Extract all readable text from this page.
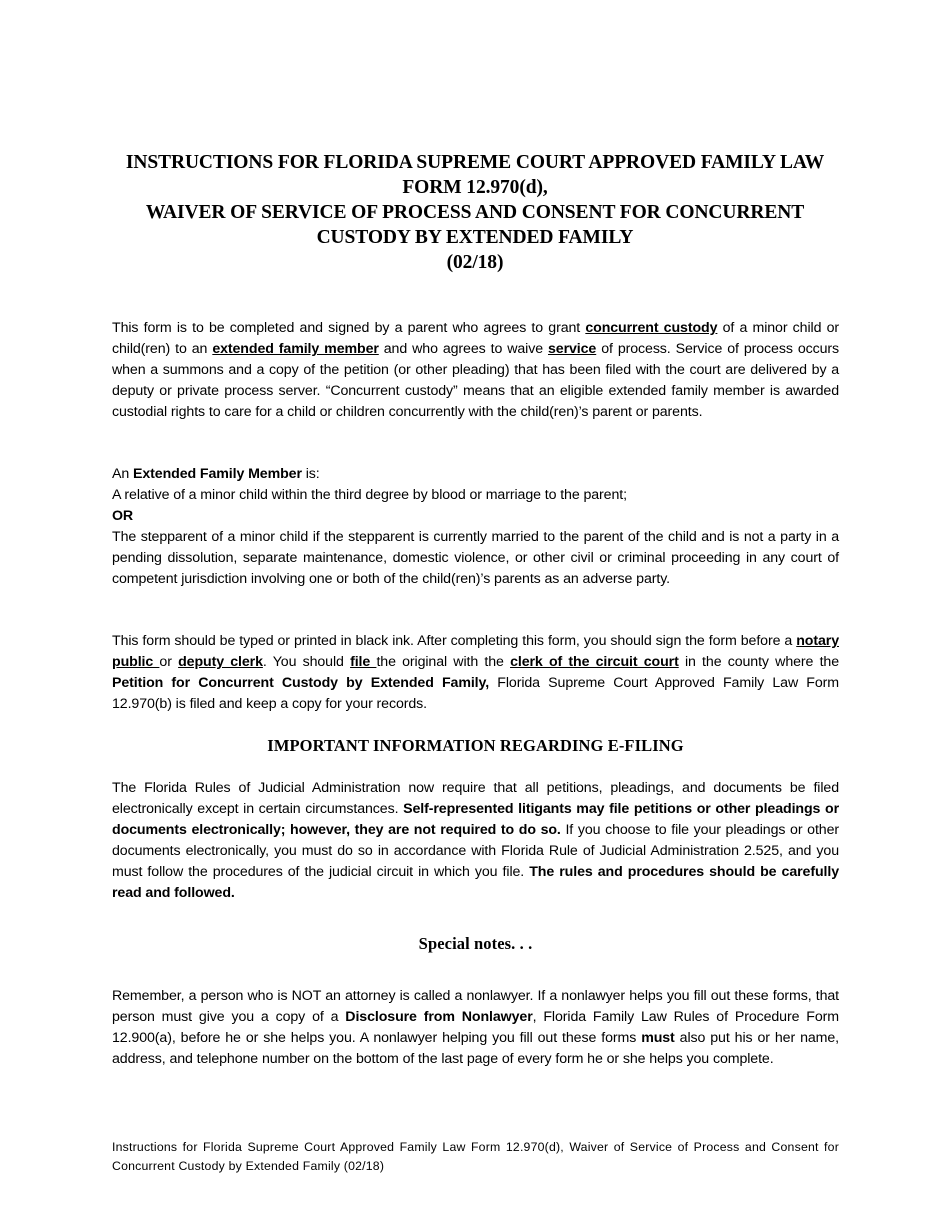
INSTRUCTIONS FOR FLORIDA SUPREME COURT APPROVED FAMILY LAW
FORM 12.970(d),
WAIVER OF SERVICE OF PROCESS AND CONSENT FOR CONCURRENT
CUSTODY BY EXTENDED FAMILY
(02/18)

This form is to be completed and signed by a parent who agrees to grant concurrent custody of a minor child or child(ren) to an extended family member and who agrees to waive service of process. Service of process occurs when a summons and a copy of the petition (or other pleading) that has been filed with the court are delivered by a deputy or private process server. “Concurrent custody” means that an eligible extended family member is awarded custodial rights to care for a child or children concurrently with the child(ren)’s parent or parents.

An Extended Family Member is:

A relative of a minor child within the third degree by blood or marriage to the parent;

OR

The stepparent of a minor child if the stepparent is currently married to the parent of the child and is not a party in a pending dissolution, separate maintenance, domestic violence, or other civil or criminal proceeding in any court of competent jurisdiction involving one or both of the child(ren)’s parents as an adverse party.

This form should be typed or printed in black ink. After completing this form, you should sign the form before a notary public or deputy clerk. You should file the original with the clerk of the circuit court in the county where the Petition for Concurrent Custody by Extended Family, Florida Supreme Court Approved Family Law Form 12.970(b) is filed and keep a copy for your records.

IMPORTANT INFORMATION REGARDING E-FILING

The Florida Rules of Judicial Administration now require that all petitions, pleadings, and documents be filed electronically except in certain circumstances. Self-represented litigants may file petitions or other pleadings or documents electronically; however, they are not required to do so. If you choose to file your pleadings or other documents electronically, you must do so in accordance with Florida Rule of Judicial Administration 2.525, and you must follow the procedures of the judicial circuit in which you file. The rules and procedures should be carefully read and followed.

Special notes. . .

Remember, a person who is NOT an attorney is called a nonlawyer. If a nonlawyer helps you fill out these forms, that person must give you a copy of a Disclosure from Nonlawyer, Florida Family Law Rules of Procedure Form 12.900(a), before he or she helps you. A nonlawyer helping you fill out these forms must also put his or her name, address, and telephone number on the bottom of the last page of every form he or she helps you complete.

Instructions for Florida Supreme Court Approved Family Law Form 12.970(d), Waiver of Service of Process and Consent for Concurrent Custody by Extended Family (02/18)
